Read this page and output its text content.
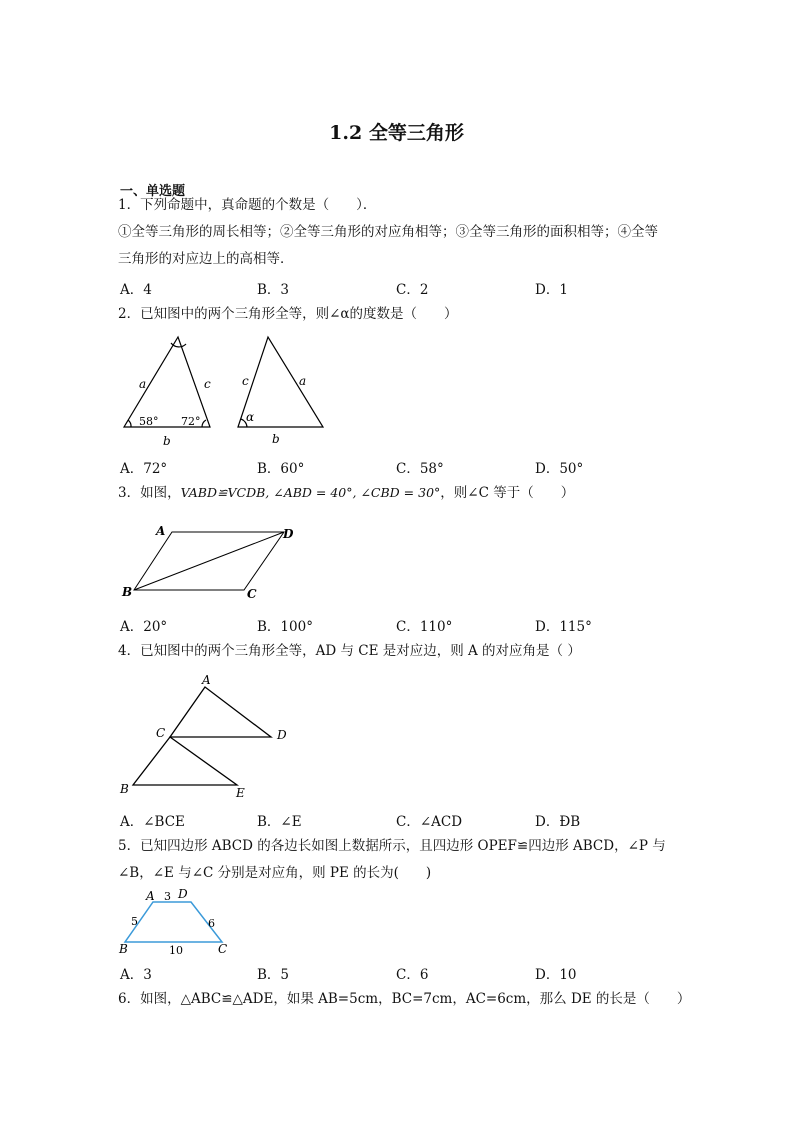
1.2 全等三角形
一、单选题
1．下列命题中，真命题的个数是（　　）．
①全等三角形的周长相等；②全等三角形的对应角相等；③全等三角形的面积相等；④全等
三角形的对应边上的高相等．
A．4	B．3	C．2	D．1
2．已知图中的两个三角形全等，则∠α的度数是（　　）
a	c
b
58° 72°
c	a
b
α
A．72°	B．60°	C．58°	D．50°
3．如图，VABD≌VCDB, ∠ABD = 40°, ∠CBD = 30°，则∠C 等于（　　）
A	D
B	C
A．20°	B．100°	C．110°	D．115°
4．已知图中的两个三角形全等，AD 与 CE 是对应边，则 A 的对应角是（ ）
A
C	D
B	E
A．∠BCE	B．∠E	C．∠ACD	D．ÐB
5．已知四边形 ABCD 的各边长如图上数据所示，且四边形 OPEF≌四边形 ABCD，∠P 与
∠B，∠E 与∠C 分别是对应角，则 PE 的长为(　　)
A 3 D
5	6
B	10	C
A．3	B．5	C．6	D．10
6．如图，△ABC≌△ADE，如果 AB=5cm，BC=7cm，AC=6cm，那么 DE 的长是（　　）
